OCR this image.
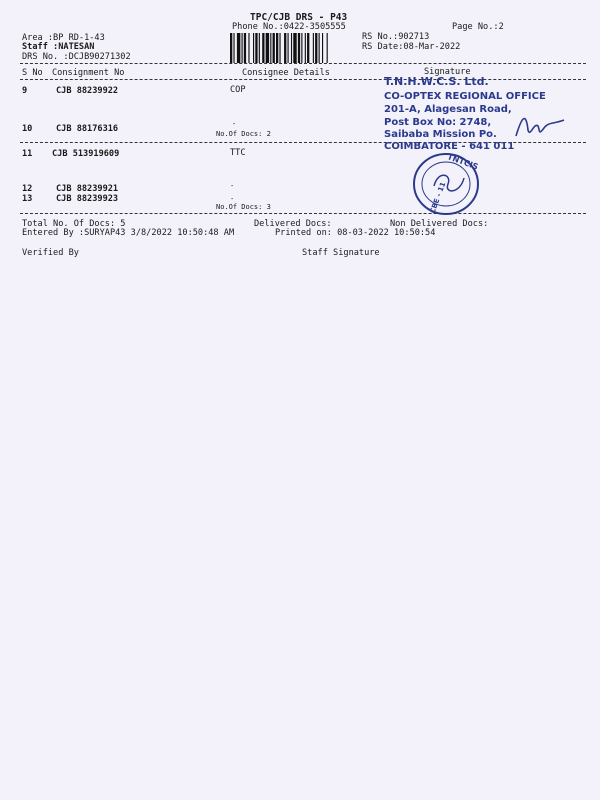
TPC/CJB DRS - P43
Phone No.:0422-3505555	Page No.:2
Area :BP RD-1-43
Staff :NATESAN
DRS No. :DCJB90271302
RS No.:902713
RS Date:08-Mar-2022
S No Consignment No	Consignee Details	Signature
9	CJB 88239922	COP
10	CJB 88176316	-
No.Of Docs: 2
11 CJB 513919609	TTC
12	CJB 88239921	-
13	CJB 88239923	-
No.Of Docs: 3
Total No. Of Docs: 5	Delivered Docs:	Non Delivered Docs:
Entered By :SURYAP43 3/8/2022 10:50:48 AM	Printed on: 08-03-2022 10:50:54
Verified By	Staff Signature
T.N.H.W.C.S. Ltd.
CO-OPTEX REGIONAL OFFICE
201-A, Alagesan Road,
Post Box No: 2748,
Saibaba Mission Po.
COIMBATORE - 641 011
TNTCIS
CBE - 11
